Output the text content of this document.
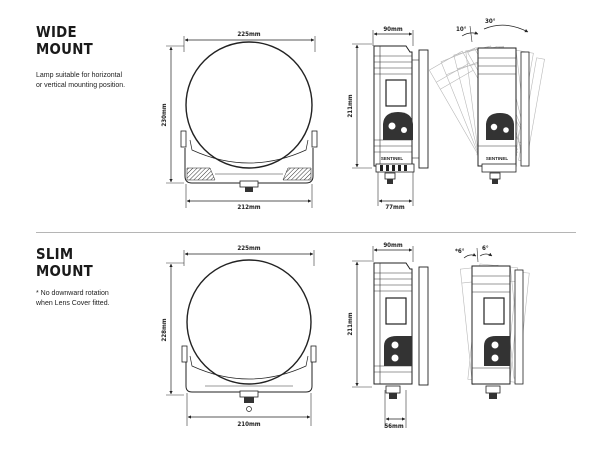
WIDE
MOUNT
Lamp suitable for horizontal
or vertical mounting position.
SLIM
MOUNT
* No downward rotation
when Lens Cover fitted.
225mm
230mm
212mm
90mm
211mm
SENTINEL
77mm
SENTINEL
10°
30°
225mm
228mm
210mm
90mm
211mm
56mm
*6°	6°
